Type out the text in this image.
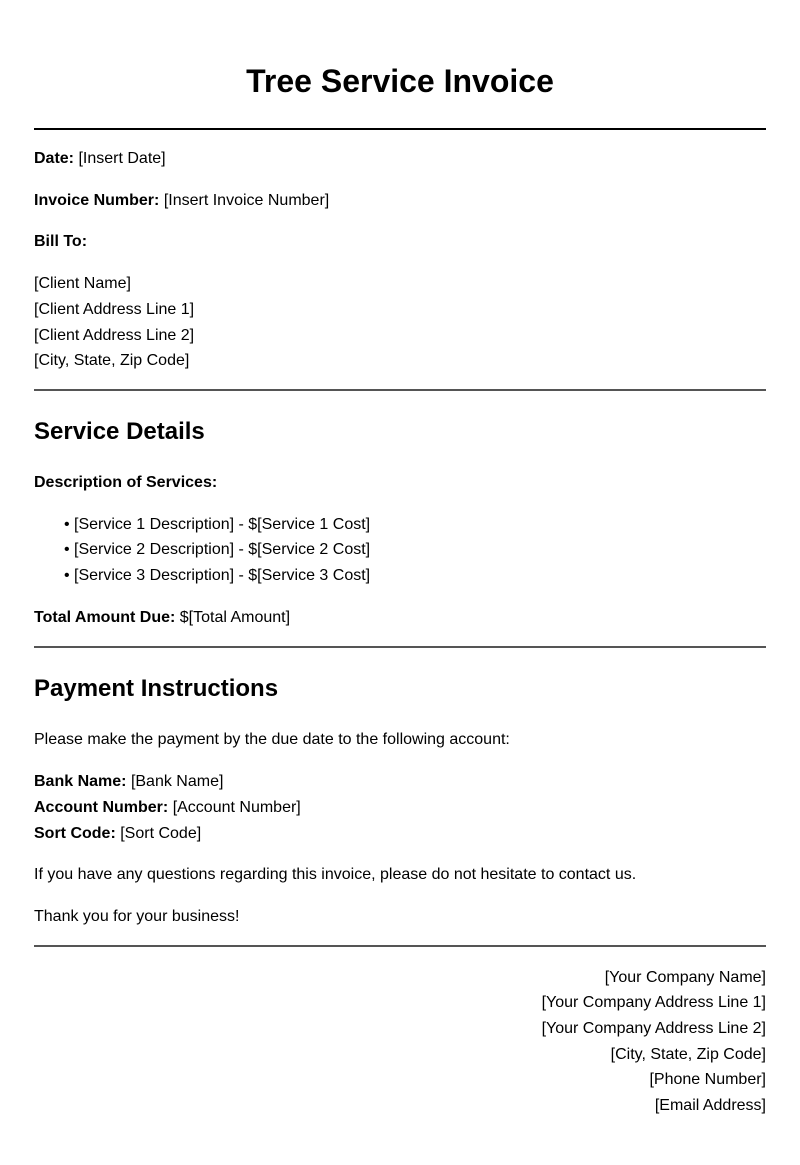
Tree Service Invoice

Date: [Insert Date]

Invoice Number: [Insert Invoice Number]

Bill To:

[Client Name]

[Client Address Line 1]

[Client Address Line 2]

[City, State, Zip Code]

Service Details

Description of Services:

• [Service 1 Description] - $[Service 1 Cost]
• [Service 2 Description] - $[Service 2 Cost]
• [Service 3 Description] - $[Service 3 Cost]

Total Amount Due: $[Total Amount]

Payment Instructions

Please make the payment by the due date to the following account:

Bank Name: [Bank Name]

Account Number: [Account Number]

Sort Code: [Sort Code]

If you have any questions regarding this invoice, please do not hesitate to contact us.

Thank you for your business!

[Your Company Name]

[Your Company Address Line 1]

[Your Company Address Line 2]

[City, State, Zip Code]

[Phone Number]

[Email Address]
